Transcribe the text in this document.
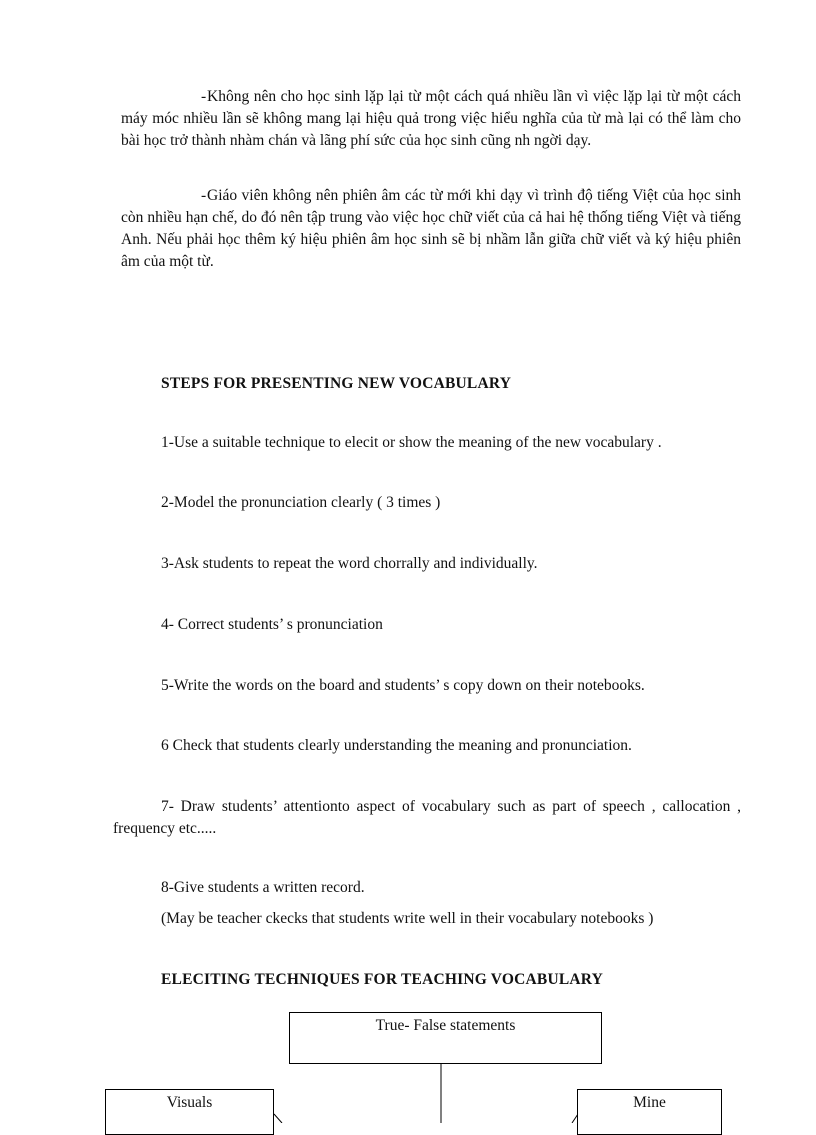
-Không nên cho học sinh lặp lại từ một cách quá nhiều lần vì việc lặp lại từ một cách máy móc nhiều lần sẽ không mang lại hiệu quả trong việc hiểu nghĩa của từ mà lại có thể làm cho bài học trở thành nhàm chán và lãng phí sức của học sinh cũng nh ngời dạy.
-Giáo viên không nên phiên âm các từ mới khi dạy vì trình độ tiếng Việt của học sinh còn nhiều hạn chế, do đó nên tập trung vào việc học chữ viết của cả hai hệ thống tiếng Việt và tiếng Anh. Nếu phải học thêm ký hiệu phiên âm học sinh sẽ bị nhầm lẫn giữa chữ viết và ký hiệu phiên âm của một từ.
STEPS FOR PRESENTING NEW VOCABULARY
1-Use a suitable technique to elecit or show the meaning of the new vocabulary .
2-Model the pronunciation clearly ( 3 times )
3-Ask students to repeat the word chorrally and individually.
4- Correct students’ s pronunciation
5-Write the words on the board and students’ s copy down on their notebooks.
6 Check that students clearly understanding the meaning and pronunciation.
7- Draw students’ attentionto aspect of vocabulary such as part of speech , callocation , frequency etc.....
8-Give students a written record.
(May be teacher ckecks that students write well in their vocabulary notebooks )
ELECITING TECHNIQUES FOR TEACHING VOCABULARY
True- False statements
Visuals	Mine
